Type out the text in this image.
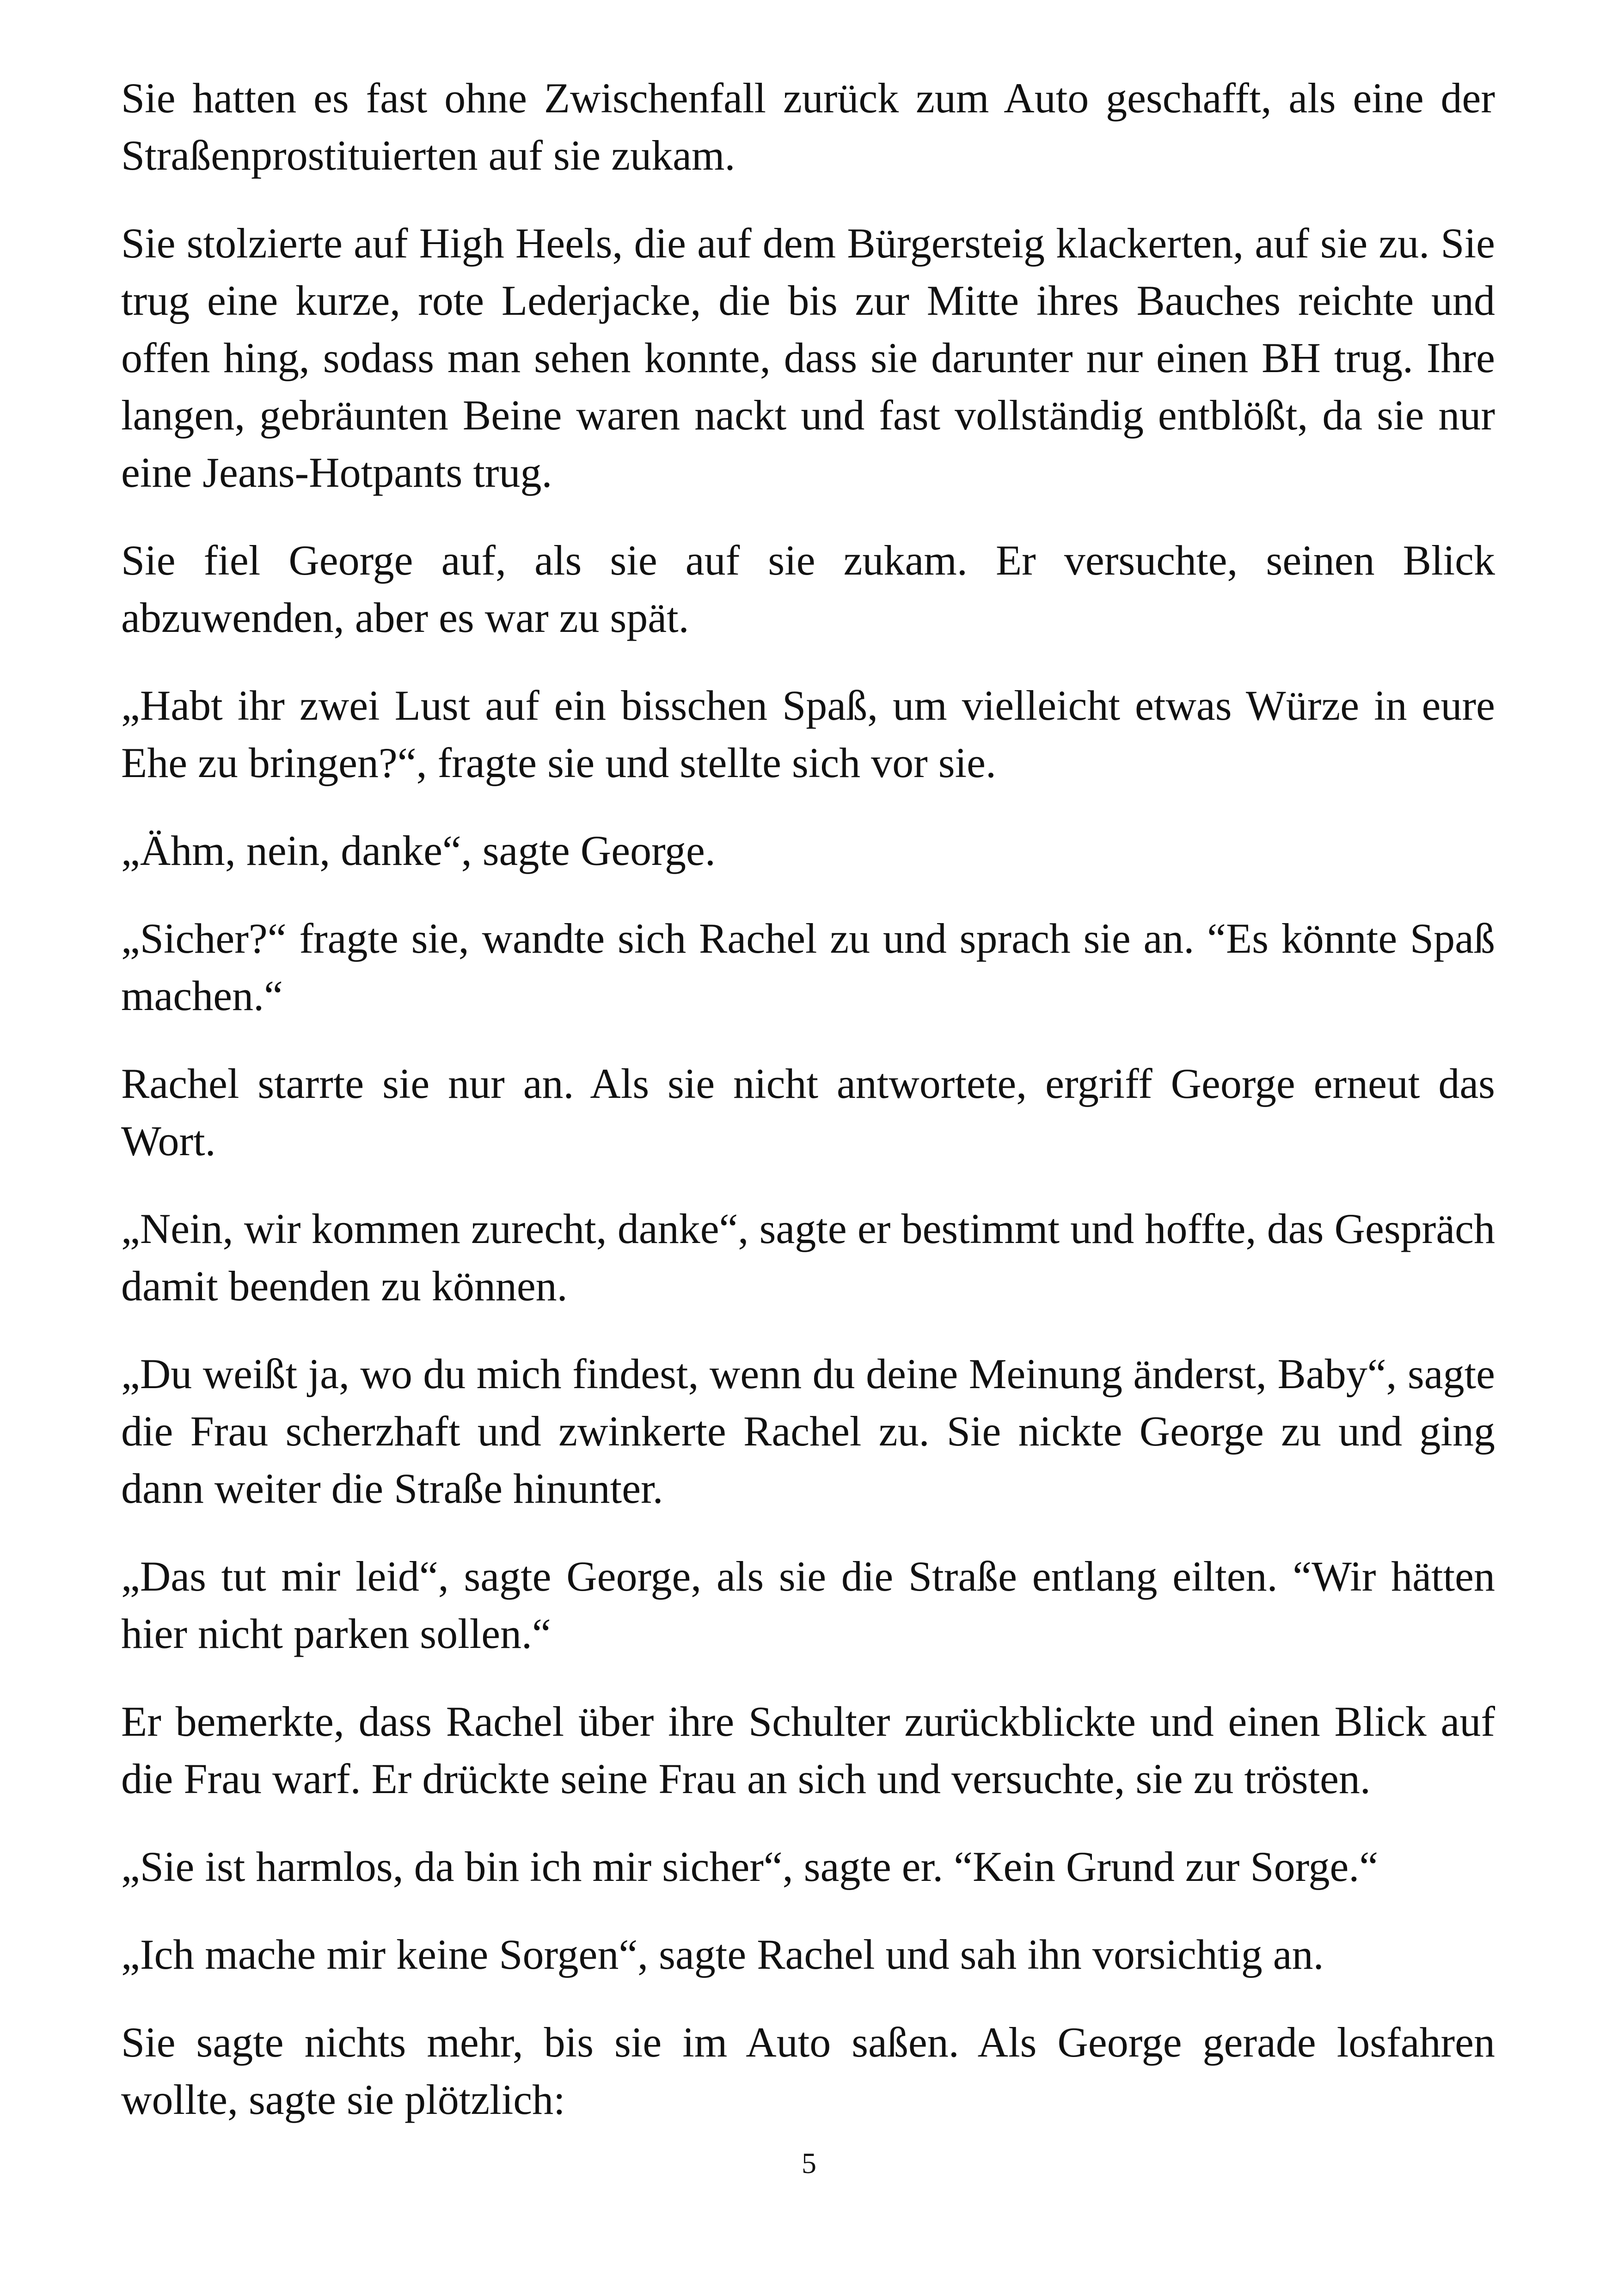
Sie hatten es fast ohne Zwischenfall zurück zum Auto geschafft, als eine der Straßenprostituierten auf sie zukam.

Sie stolzierte auf High Heels, die auf dem Bürgersteig klackerten, auf sie zu. Sie trug eine kurze, rote Lederjacke, die bis zur Mitte ihres Bauches reichte und offen hing, sodass man sehen konnte, dass sie darunter nur einen BH trug. Ihre langen, gebräunten Beine waren nackt und fast vollständig entblößt, da sie nur eine Jeans-Hotpants trug.

Sie fiel George auf, als sie auf sie zukam. Er versuchte, seinen Blick abzuwenden, aber es war zu spät.

„Habt ihr zwei Lust auf ein bisschen Spaß, um vielleicht etwas Würze in eure Ehe zu bringen?“, fragte sie und stellte sich vor sie.

„Ähm, nein, danke“, sagte George.

„Sicher?“ fragte sie, wandte sich Rachel zu und sprach sie an. “Es könnte Spaß machen.“

Rachel starrte sie nur an. Als sie nicht antwortete, ergriff George erneut das Wort.

„Nein, wir kommen zurecht, danke“, sagte er bestimmt und hoffte, das Gespräch damit beenden zu können.

„Du weißt ja, wo du mich findest, wenn du deine Meinung änderst, Baby“, sagte die Frau scherzhaft und zwinkerte Rachel zu. Sie nickte George zu und ging dann weiter die Straße hinunter.

„Das tut mir leid“, sagte George, als sie die Straße entlang eilten. “Wir hätten hier nicht parken sollen.“

Er bemerkte, dass Rachel über ihre Schulter zurückblickte und einen Blick auf die Frau warf. Er drückte seine Frau an sich und versuchte, sie zu trösten.

„Sie ist harmlos, da bin ich mir sicher“, sagte er. “Kein Grund zur Sorge.“

„Ich mache mir keine Sorgen“, sagte Rachel und sah ihn vorsichtig an.

Sie sagte nichts mehr, bis sie im Auto saßen. Als George gerade losfahren wollte, sagte sie plötzlich:

5
